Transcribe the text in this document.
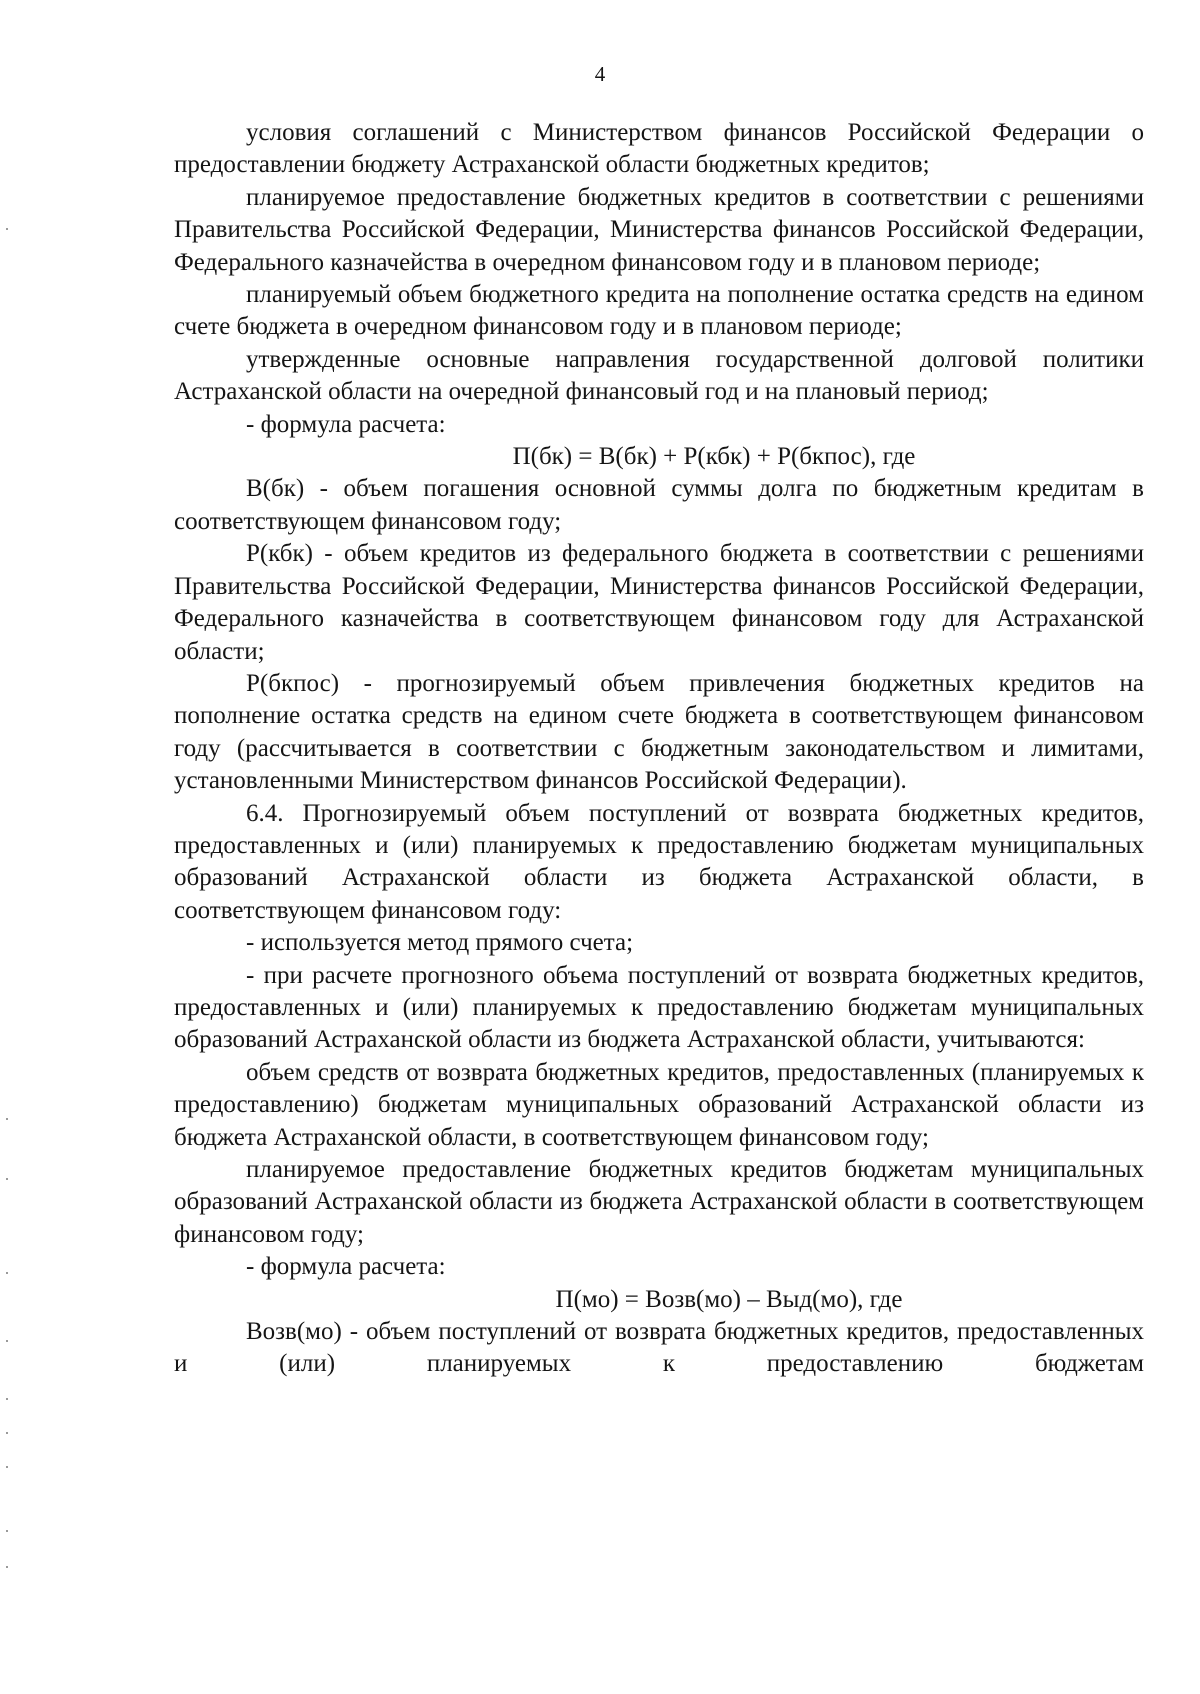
4

условия соглашений с Министерством финансов Российской Федерации о предоставлении бюджету Астраханской области бюджетных кредитов;

планируемое предоставление бюджетных кредитов в соответствии с решениями Правительства Российской Федерации, Министерства финансов Российской Федерации, Федерального казначейства в очередном финансовом году и в плановом периоде;

планируемый объем бюджетного кредита на пополнение остатка средств на едином счете бюджета в очередном финансовом году и в плановом периоде;

утвержденные основные направления государственной долговой политики Астраханской области на очередной финансовый год и на плановый период;

- формула расчета:

П(бк) = В(бк) + Р(кбк) + Р(бкпос), где

В(бк) - объем погашения основной суммы долга по бюджетным кредитам в соответствующем финансовом году;

Р(кбк) - объем кредитов из федерального бюджета в соответствии с решениями Правительства Российской Федерации, Министерства финансов Российской Федерации, Федерального казначейства в соответствующем финансовом году для Астраханской области;

Р(бкпос) - прогнозируемый объем привлечения бюджетных кредитов на пополнение остатка средств на едином счете бюджета в соответствующем финансовом году (рассчитывается в соответствии с бюджетным законодательством и лимитами, установленными Министерством финансов Российской Федерации).

6.4. Прогнозируемый объем поступлений от возврата бюджетных кредитов, предоставленных и (или) планируемых к предоставлению бюджетам муниципальных образований Астраханской области из бюджета Астраханской области, в соответствующем финансовом году:

- используется метод прямого счета;

- при расчете прогнозного объема поступлений от возврата бюджетных кредитов, предоставленных и (или) планируемых к предоставлению бюджетам муниципальных образований Астраханской области из бюджета Астраханской области, учитываются:

объем средств от возврата бюджетных кредитов, предоставленных (планируемых к предоставлению) бюджетам муниципальных образований Астраханской области из бюджета Астраханской области, в соответствующем финансовом году;

планируемое предоставление бюджетных кредитов бюджетам муниципальных образований Астраханской области из бюджета Астраханской области в соответствующем финансовом году;

- формула расчета:

П(мо) = Возв(мо) – Выд(мо), где

Возв(мо) - объем поступлений от возврата бюджетных кредитов, предоставленных и (или) планируемых к предоставлению бюджетам
